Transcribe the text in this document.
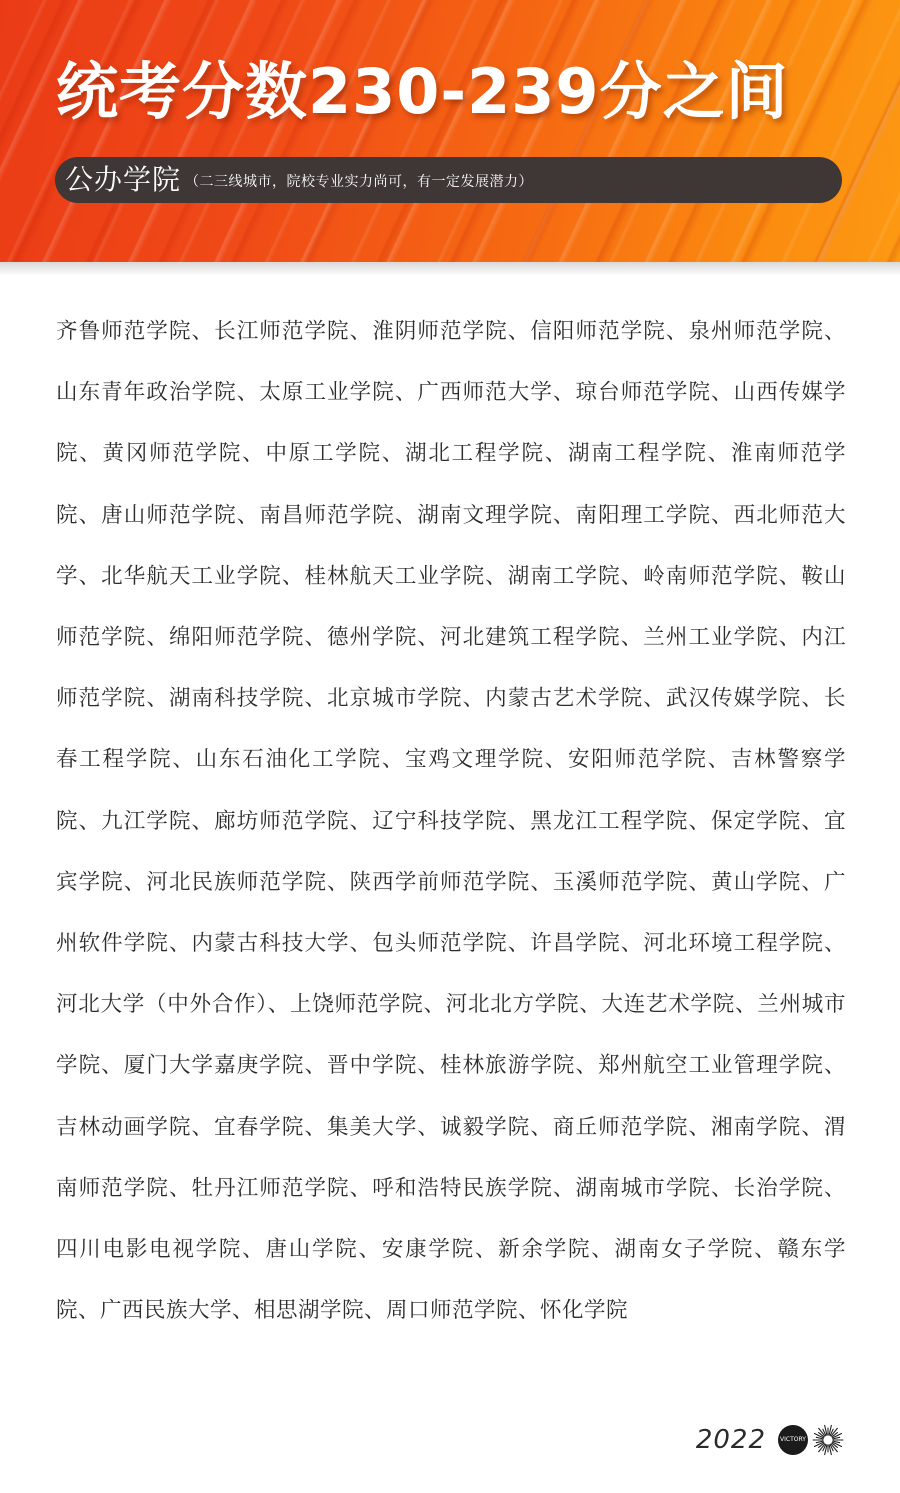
统考分数230-239分之间
公办学院 （二三线城市，院校专业实力尚可，有一定发展潜力）
齐鲁师范学院、长江师范学院、淮阴师范学院、信阳师范学院、泉州师范学院、山东青年政治学院、太原工业学院、广西师范大学、琼台师范学院、山西传媒学院、黄冈师范学院、中原工学院、湖北工程学院、湖南工程学院、淮南师范学院、唐山师范学院、南昌师范学院、湖南文理学院、南阳理工学院、西北师范大学、北华航天工业学院、桂林航天工业学院、湖南工学院、岭南师范学院、鞍山师范学院、绵阳师范学院、德州学院、河北建筑工程学院、兰州工业学院、内江师范学院、湖南科技学院、北京城市学院、内蒙古艺术学院、武汉传媒学院、长春工程学院、山东石油化工学院、宝鸡文理学院、安阳师范学院、吉林警察学院、九江学院、廊坊师范学院、辽宁科技学院、黑龙江工程学院、保定学院、宜宾学院、河北民族师范学院、陕西学前师范学院、玉溪师范学院、黄山学院、广州软件学院、内蒙古科技大学、包头师范学院、许昌学院、河北环境工程学院、河北大学（中外合作）、上饶师范学院、河北北方学院、大连艺术学院、兰州城市学院、厦门大学嘉庚学院、晋中学院、桂林旅游学院、郑州航空工业管理学院、吉林动画学院、宜春学院、集美大学、诚毅学院、商丘师范学院、湘南学院、渭南师范学院、牡丹江师范学院、呼和浩特民族学院、湖南城市学院、长治学院、四川电影电视学院、唐山学院、安康学院、新余学院、湖南女子学院、赣东学院、广西民族大学、相思湖学院、周口师范学院、怀化学院
2022	VICTORY
